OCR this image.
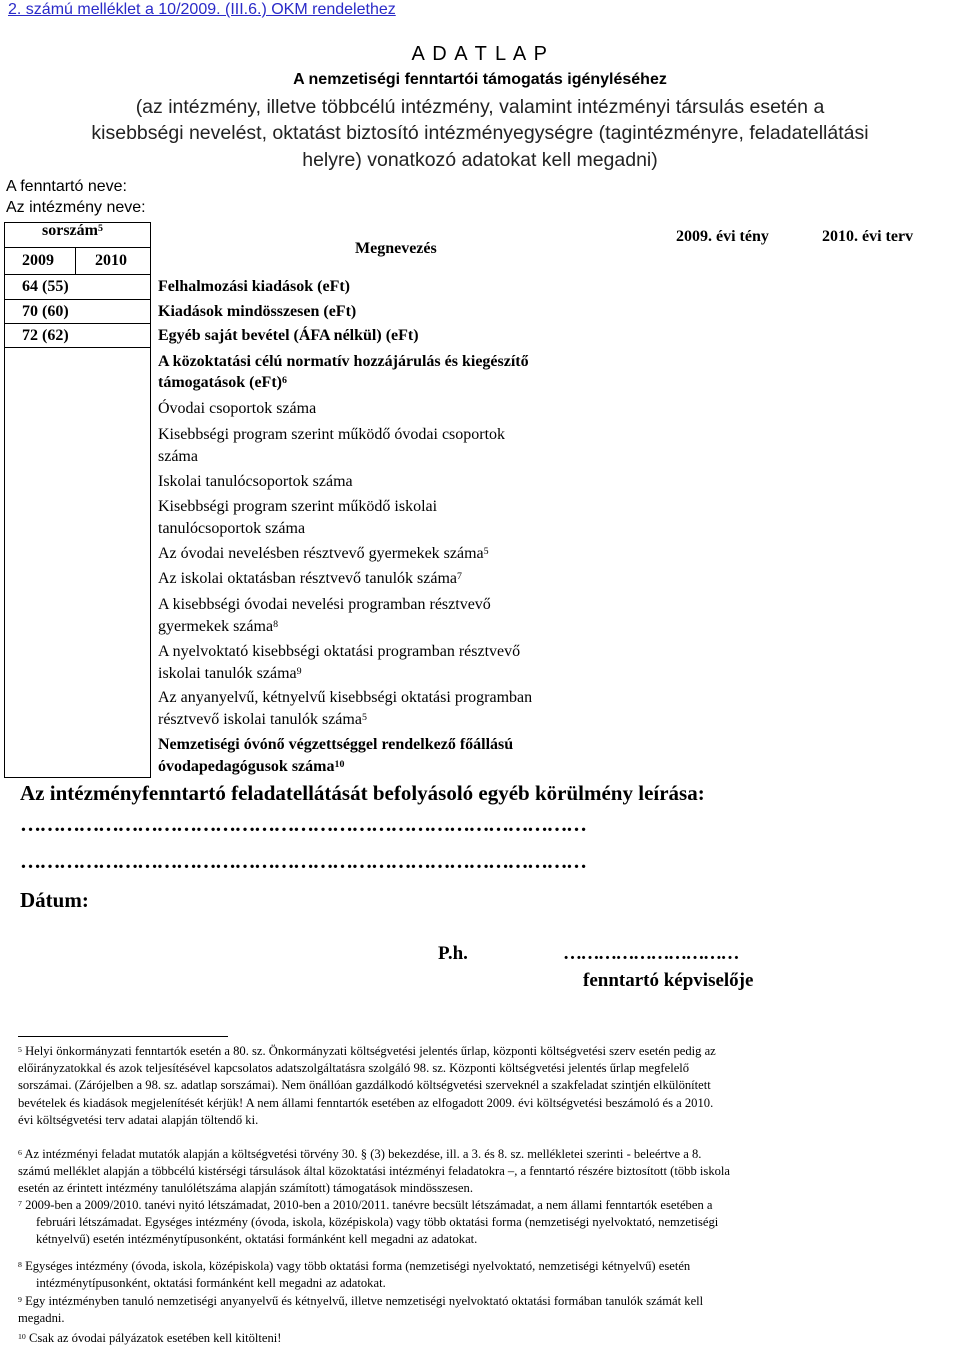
2. számú melléklet a 10/2009. (III.6.) OKM rendelethez
A D A T L A P
A nemzetiségi fenntartói támogatás igényléséhez
(az intézmény, illetve többcélú intézmény, valamint intézményi társulás esetén a
kisebbségi nevelést, oktatást biztosító intézményegységre (tagintézményre, feladatellátási
helyre) vonatkozó adatokat kell megadni)
A fenntartó neve:
Az intézmény neve:
sorszám$^5$
2009	2010
Megnevezés
2009. évi tény	2010. évi terv
64 (55)	Felhalmozási kiadások (eFt)
70 (60)	Kiadások mindösszesen (eFt)
72 (62)	Egyéb saját bevétel (ÁFA nélkül) (eFt)
A közoktatási célú normatív hozzájárulás és kiegészítő
támogatások (eFt)$^6$
Óvodai csoportok száma
Kisebbségi program szerint működő óvodai csoportok
száma
Iskolai tanulócsoportok száma
Kisebbségi program szerint működő iskolai
tanulócsoportok száma
Az óvodai nevelésben résztvevő gyermekek száma$^5$
Az iskolai oktatásban résztvevő tanulók száma$^7$
A kisebbségi óvodai nevelési programban résztvevő
gyermekek száma$^8$
A nyelvoktató kisebbségi oktatási programban résztvevő
iskolai tanulók száma$^9$
Az anyanyelvű, kétnyelvű kisebbségi oktatási programban
résztvevő iskolai tanulók száma$^5$
Nemzetiségi óvónő végzettséggel rendelkező főállású
óvodapedagógusok száma$^{10}$
Az intézményfenntartó feladatellátását befolyásoló egyéb körülmény leírása:
……………………………………………………………………………
……………………………………………………………………………
Dátum:
P.h.	…………………………
fenntartó képviselője
$^5$ Helyi önkormányzati fenntartók esetén a 80. sz. Önkormányzati költségvetési jelentés űrlap, központi költségvetési szerv esetén pedig az
előirányzatokkal és azok teljesítésével kapcsolatos adatszolgáltatásra szolgáló 98. sz. Központi költségvetési jelentés űrlap megfelelő
sorszámai. (Zárójelben a 98. sz. adatlap sorszámai). Nem önállóan gazdálkodó költségvetési szerveknél a szakfeladat szintjén elkülönített
bevételek és kiadások megjelenítését kérjük! A nem állami fenntartók esetében az elfogadott 2009. évi költségvetési beszámoló és a 2010.
évi költségvetési terv adatai alapján töltendő ki.
$^6$ Az intézményi feladat mutatók alapján a költségvetési törvény 30. § (3) bekezdése, ill. a 3. és 8. sz. mellékletei szerinti - beleértve a 8.
számú melléklet alapján a többcélú kistérségi társulások által közoktatási intézményi feladatokra –, a fenntartó részére biztosított (több iskola
esetén az érintett intézmény tanulólétszáma alapján számított) támogatások mindösszesen.
$^7$ 2009-ben a 2009/2010. tanévi nyitó létszámadat, 2010-ben a 2010/2011. tanévre becsült létszámadat, a nem állami fenntartók esetében a
februári létszámadat. Egységes intézmény (óvoda, iskola, középiskola) vagy több oktatási forma (nemzetiségi nyelvoktató, nemzetiségi
kétnyelvű) esetén intézménytípusonként, oktatási formánként kell megadni az adatokat.
$^8$ Egységes intézmény (óvoda, iskola, középiskola) vagy több oktatási forma (nemzetiségi nyelvoktató, nemzetiségi kétnyelvű) esetén
intézménytípusonként, oktatási formánként kell megadni az adatokat.
$^9$ Egy intézményben tanuló nemzetiségi anyanyelvű és kétnyelvű, illetve nemzetiségi nyelvoktató oktatási formában tanulók számát kell
megadni.
$^{10}$ Csak az óvodai pályázatok esetében kell kitölteni!
